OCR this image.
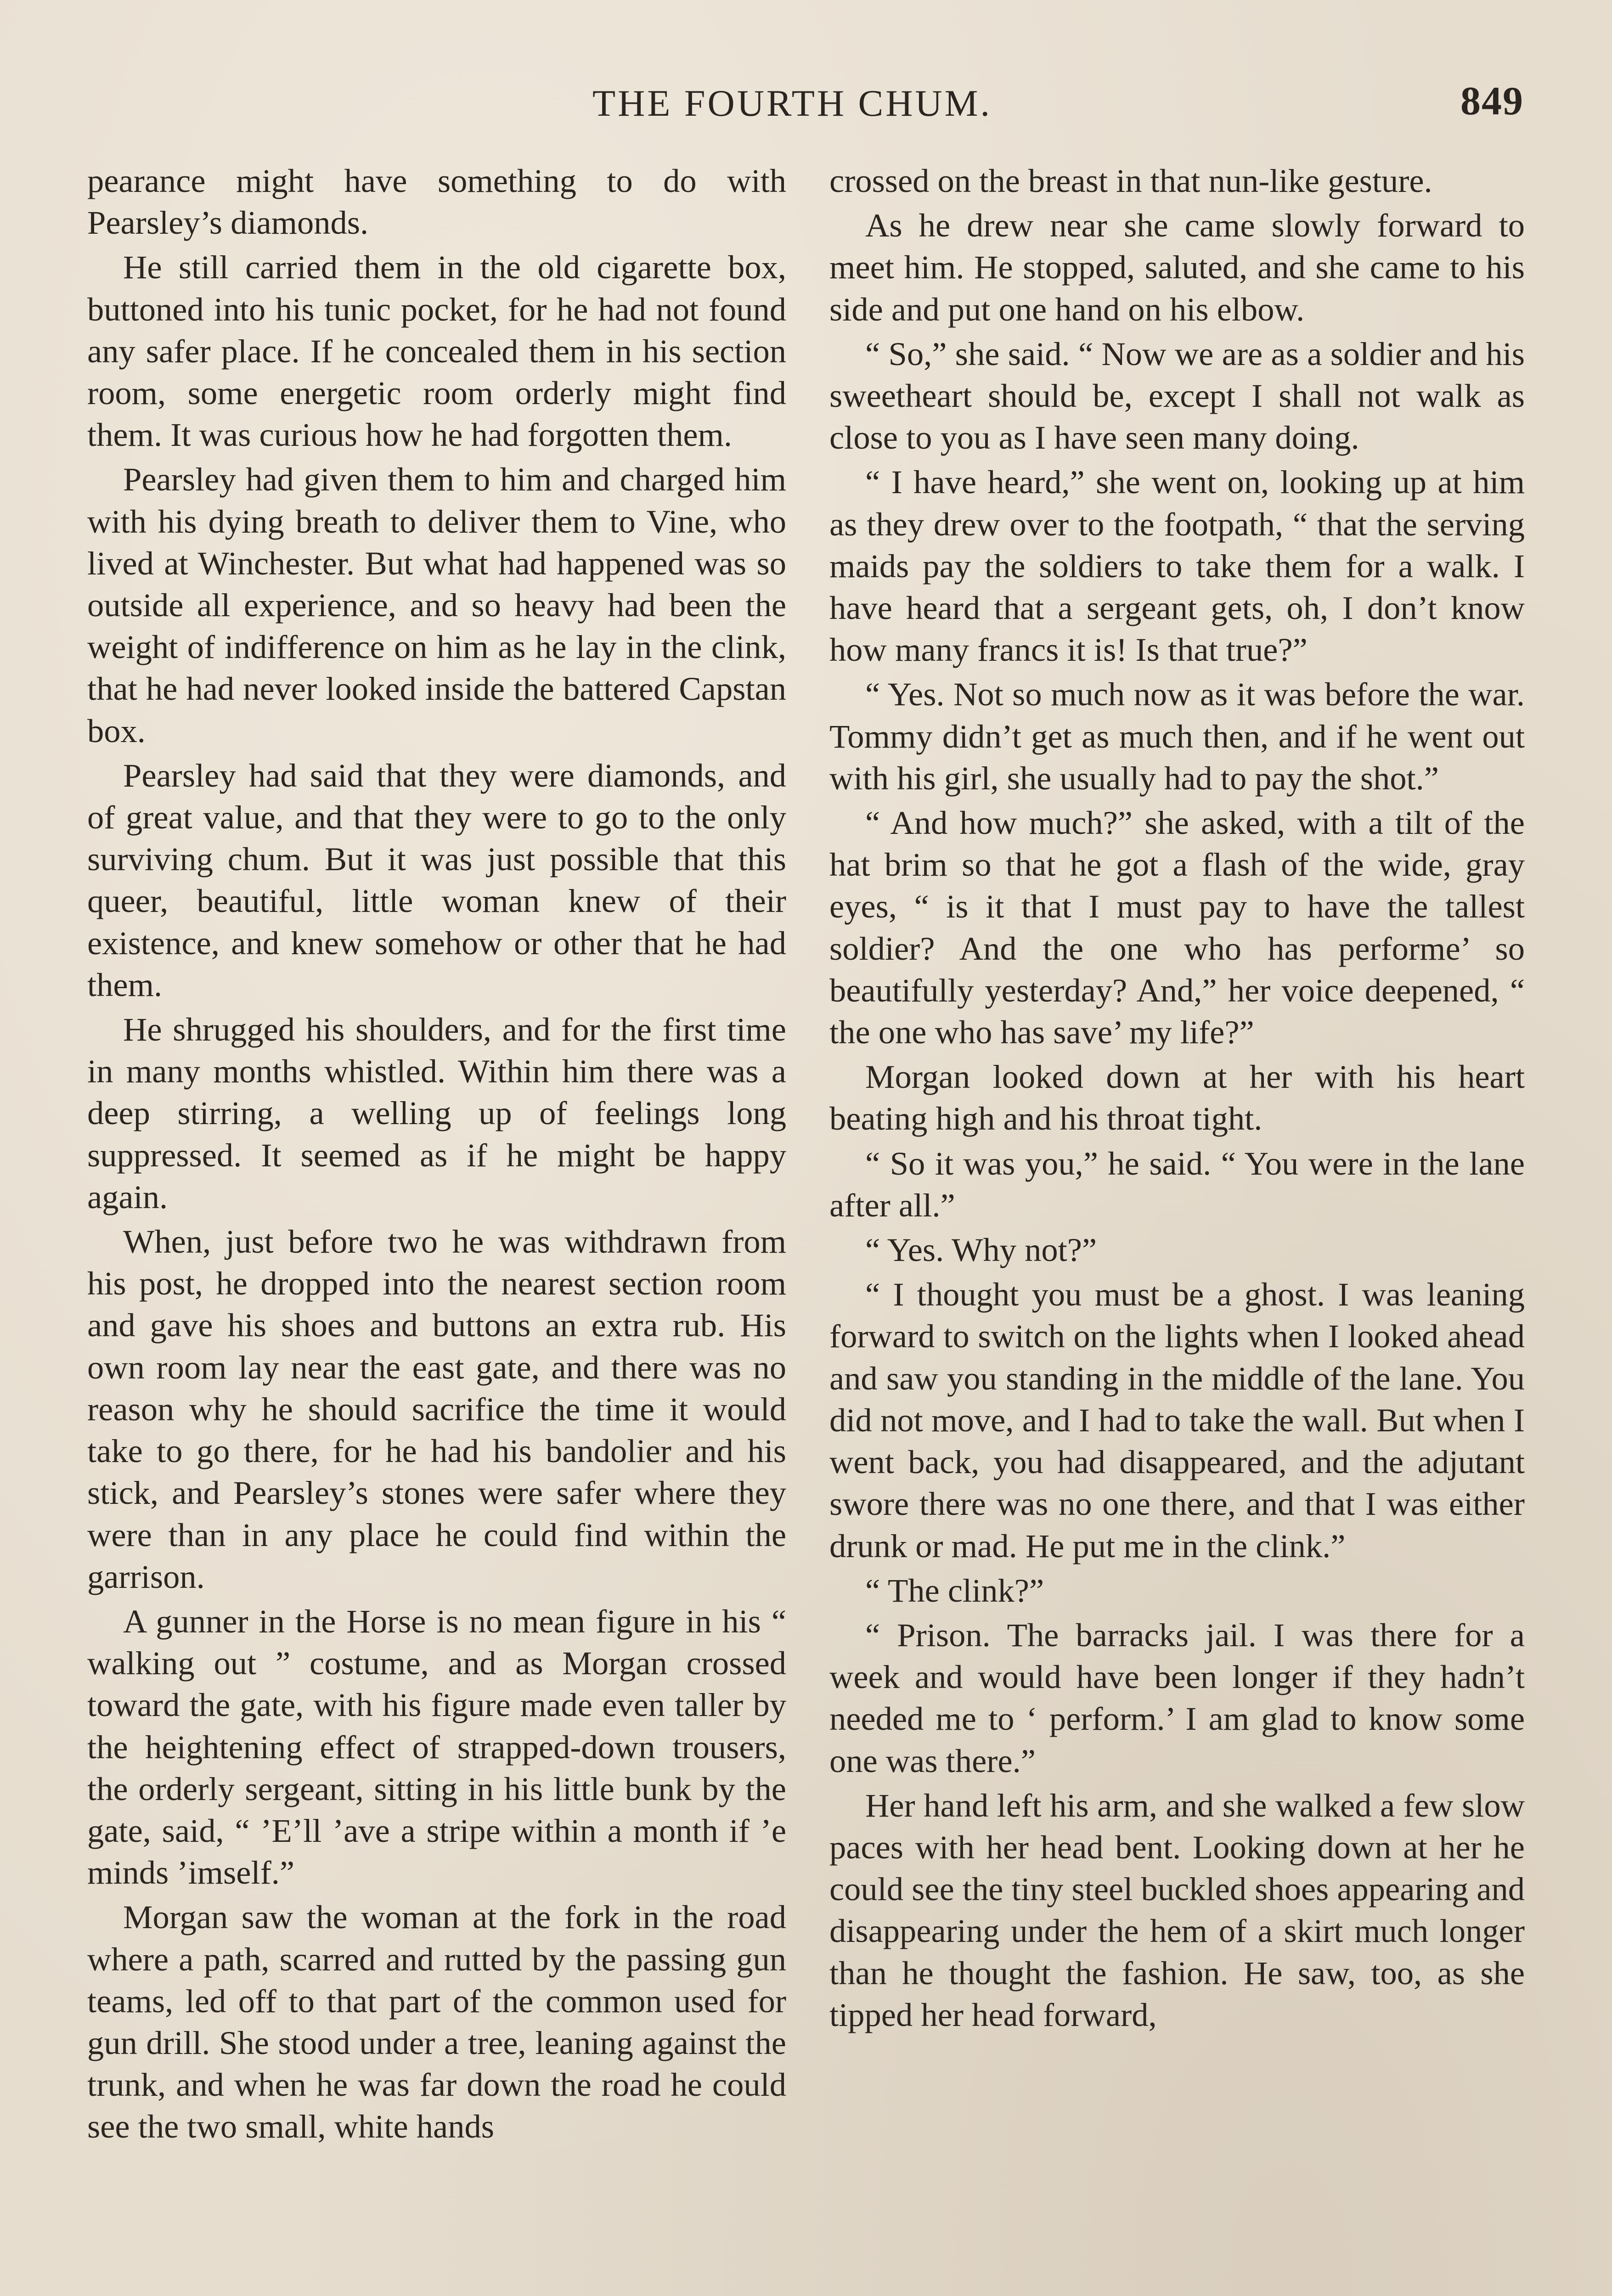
THE FOURTH CHUM.	849

pearance might have something to do with Pearsley’s diamonds.

He still carried them in the old cigarette box, buttoned into his tunic pocket, for he had not found any safer place. If he concealed them in his section room, some energetic room orderly might find them. It was curious how he had forgotten them.

Pearsley had given them to him and charged him with his dying breath to deliver them to Vine, who lived at Winchester. But what had happened was so outside all experience, and so heavy had been the weight of indifference on him as he lay in the clink, that he had never looked inside the battered Capstan box.

Pearsley had said that they were diamonds, and of great value, and that they were to go to the only surviving chum. But it was just possible that this queer, beautiful, little woman knew of their existence, and knew somehow or other that he had them.

He shrugged his shoulders, and for the first time in many months whistled. Within him there was a deep stirring, a welling up of feelings long suppressed. It seemed as if he might be happy again.

When, just before two he was withdrawn from his post, he dropped into the nearest section room and gave his shoes and buttons an extra rub. His own room lay near the east gate, and there was no reason why he should sacrifice the time it would take to go there, for he had his bandolier and his stick, and Pearsley’s stones were safer where they were than in any place he could find within the garrison.

A gunner in the Horse is no mean figure in his “ walking out ” costume, and as Morgan crossed toward the gate, with his figure made even taller by the heightening effect of strapped-down trousers, the orderly sergeant, sitting in his little bunk by the gate, said, “ ’E’ll ’ave a stripe within a month if ’e minds ’imself.”

Morgan saw the woman at the fork in the road where a path, scarred and rutted by the passing gun teams, led off to that part of the common used for gun drill. She stood under a tree, leaning against the trunk, and when he was far down the road he could see the two small, white hands

crossed on the breast in that nun-like gesture.

As he drew near she came slowly forward to meet him. He stopped, saluted, and she came to his side and put one hand on his elbow.

“ So,” she said. “ Now we are as a soldier and his sweetheart should be, except I shall not walk as close to you as I have seen many doing.

“ I have heard,” she went on, looking up at him as they drew over to the footpath, “ that the serving maids pay the soldiers to take them for a walk. I have heard that a sergeant gets, oh, I don’t know how many francs it is! Is that true?”

“ Yes. Not so much now as it was before the war. Tommy didn’t get as much then, and if he went out with his girl, she usually had to pay the shot.”

“ And how much?” she asked, with a tilt of the hat brim so that he got a flash of the wide, gray eyes, “ is it that I must pay to have the tallest soldier? And the one who has performe’ so beautifully yesterday? And,” her voice deepened, “ the one who has save’ my life?”

Morgan looked down at her with his heart beating high and his throat tight.

“ So it was you,” he said. “ You were in the lane after all.”

“ Yes. Why not?”

“ I thought you must be a ghost. I was leaning forward to switch on the lights when I looked ahead and saw you standing in the middle of the lane. You did not move, and I had to take the wall. But when I went back, you had disappeared, and the adjutant swore there was no one there, and that I was either drunk or mad. He put me in the clink.”

“ The clink?”

“ Prison. The barracks jail. I was there for a week and would have been longer if they hadn’t needed me to ‘ perform.’ I am glad to know some one was there.”

Her hand left his arm, and she walked a few slow paces with her head bent. Looking down at her he could see the tiny steel buckled shoes appearing and disappearing under the hem of a skirt much longer than he thought the fashion. He saw, too, as she tipped her head forward,
